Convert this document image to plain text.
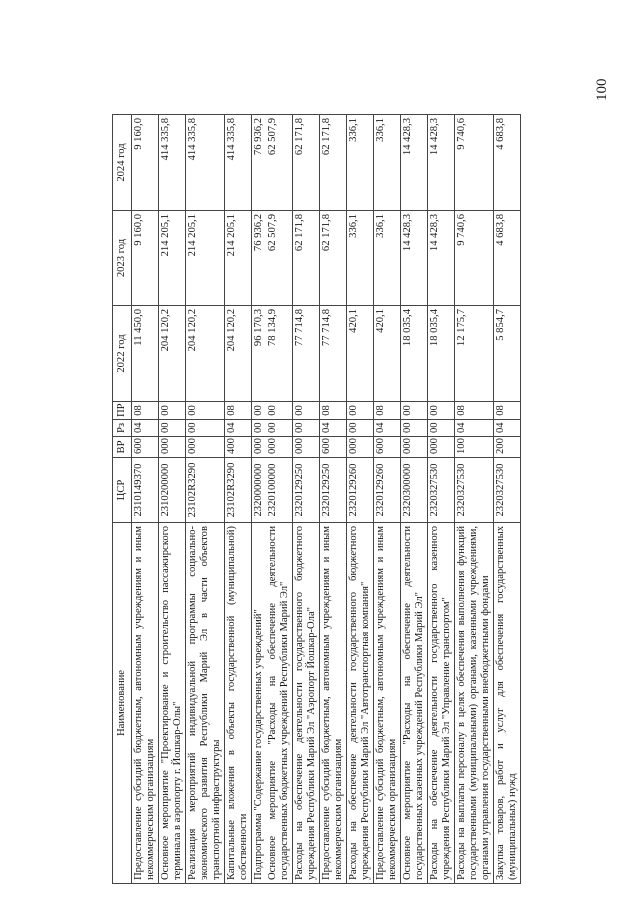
100
Наименование	ЦСР	ВР	Рз	ПР	2022 год	2023 год	2024 год
Предоставление субсидий бюджетным, автономным учреждениям и иным некоммерческим организациям	2310149370	600	04	08	11 450,0	9 160,0	9 160,0
Основное мероприятие "Проектирование и строительство пассажирского терминала в аэропорту г. Йошкар-Олы"	2310200000	000	00	00	204 120,2	214 205,1	414 335,8
Реализация мероприятий индивидуальной программы социально-экономического развития Республики Марий Эл в части объектов транспортной инфраструктуры	23102R3290	000	00	00	204 120,2	214 205,1	414 335,8
Капитальные вложения в объекты государственной (муниципальной) собственности	23102R3290	400	04	08	204 120,2	214 205,1	414 335,8
Подпрограмма "Содержание государственных учреждений"	2320000000	000	00	00	96 170,3	76 936,2	76 936,2
Основное мероприятие "Расходы на обеспечение деятельности государственных бюджетных учреждений Республики Марий Эл"	2320100000	000	00	00	78 134,9	62 507,9	62 507,9
Расходы на обеспечение деятельности государственного бюджетного учреждения Республики Марий Эл "Аэропорт Йошкар-Ола"	2320129250	000	00	00	77 714,8	62 171,8	62 171,8
Предоставление субсидий бюджетным, автономным учреждениям и иным некоммерческим организациям	2320129250	600	04	08	77 714,8	62 171,8	62 171,8
Расходы на обеспечение деятельности государственного бюджетного учреждения Республики Марий Эл "Автотранспортная компания"	2320129260	000	00	00	420,1	336,1	336,1
Предоставление субсидий бюджетным, автономным учреждениям и иным некоммерческим организациям	2320129260	600	04	08	420,1	336,1	336,1
Основное мероприятие "Расходы на обеспечение деятельности государственных казенных учреждений Республики Марий Эл"	2320300000	000	00	00	18 035,4	14 428,3	14 428,3
Расходы на обеспечение деятельности государственного казенного учреждения Республики Марий Эл "Управление транспортом"	2320327530	000	00	00	18 035,4	14 428,3	14 428,3
Расходы на выплаты персоналу в целях обеспечения выполнения функций государственными (муниципальными) органами, казенными учреждениями, органами управления государственными внебюджетными фондами	2320327530	100	04	08	12 175,7	9 740,6	9 740,6
Закупка товаров, работ и услуг для обеспечения государственных (муниципальных) нужд	2320327530	200	04	08	5 854,7	4 683,8	4 683,8
